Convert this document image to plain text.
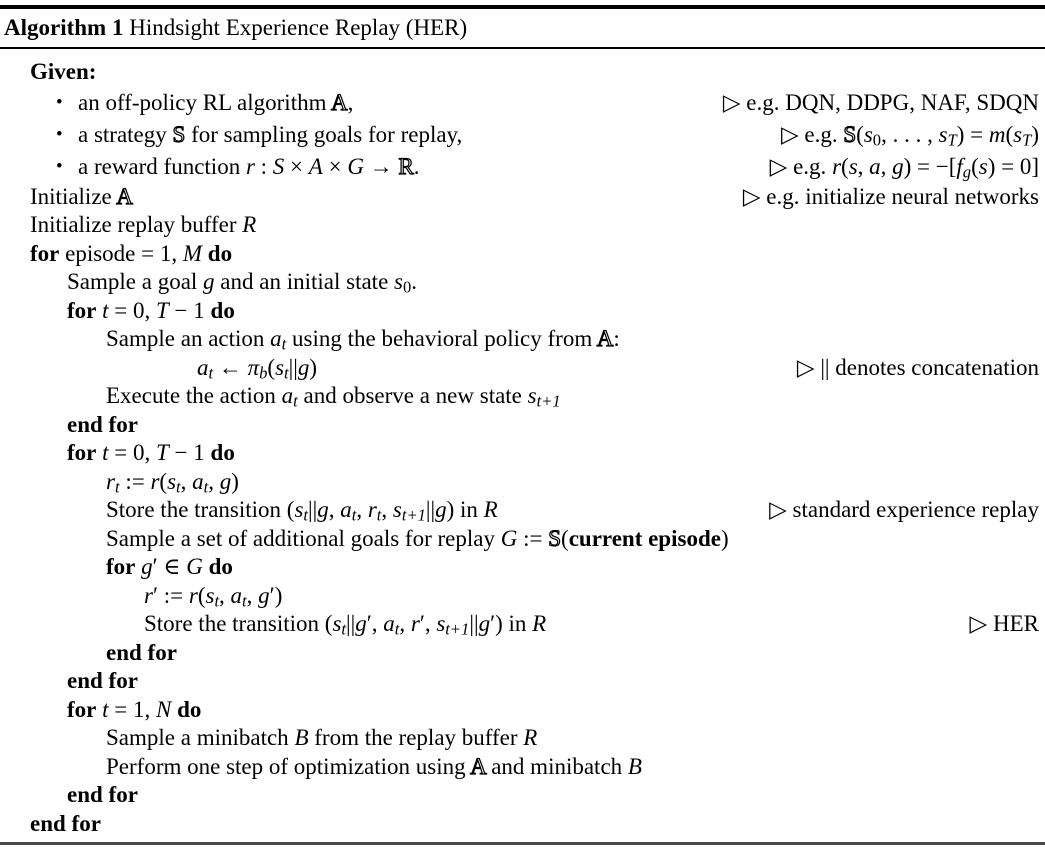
Algorithm 1 Hindsight Experience Replay (HER)
Given:
• an off-policy RL algorithm A,	▷ e.g. DQN, DDPG, NAF, SDQN
• a strategy S for sampling goals for replay,	▷ e.g. S(s0, . . . , sT) = m(sT)
• a reward function r : S × A × G → R.	▷ e.g. r(s, a, g) = −[fg(s) = 0]
Initialize A	▷ e.g. initialize neural networks
Initialize replay buffer R
for episode = 1, M do
Sample a goal g and an initial state s0.
for t = 0, T − 1 do
Sample an action at using the behavioral policy from A:
at ← πb(st||g)	▷ || denotes concatenation
Execute the action at and observe a new state st+1
end for
for t = 0, T − 1 do
rt := r(st, at, g)
Store the transition (st||g, at, rt, st+1||g) in R	▷ standard experience replay
Sample a set of additional goals for replay G := S(current episode)
for g′ ∈ G do
r′ := r(st, at, g′)
Store the transition (st||g′, at, r′, st+1||g′) in R	▷ HER
end for
end for
for t = 1, N do
Sample a minibatch B from the replay buffer R
Perform one step of optimization using A and minibatch B
end for
end for
